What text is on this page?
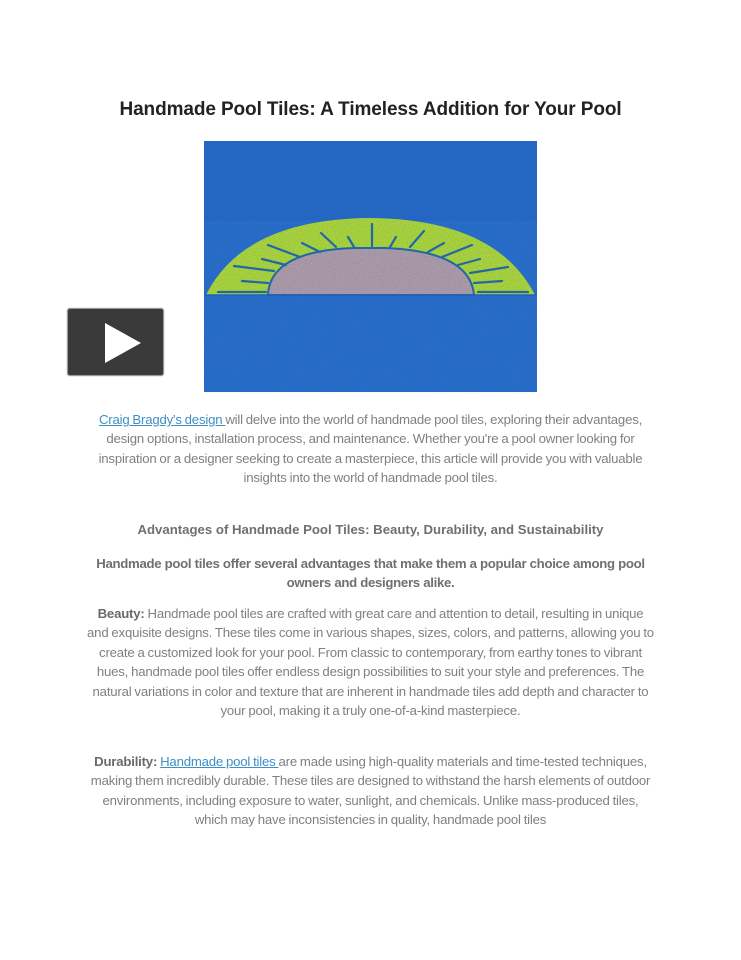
Handmade Pool Tiles: A Timeless Addition for Your Pool

Craig Bragdy's design will delve into the world of handmade pool tiles, exploring their advantages, design options, installation process, and maintenance. Whether you're a pool owner looking for inspiration or a designer seeking to create a masterpiece, this article will provide you with valuable insights into the world of handmade pool tiles.

Advantages of Handmade Pool Tiles: Beauty, Durability, and Sustainability

Handmade pool tiles offer several advantages that make them a popular choice among pool owners and designers alike.

Beauty: Handmade pool tiles are crafted with great care and attention to detail, resulting in unique and exquisite designs. These tiles come in various shapes, sizes, colors, and patterns, allowing you to create a customized look for your pool. From classic to contemporary, from earthy tones to vibrant hues, handmade pool tiles offer endless design possibilities to suit your style and preferences. The natural variations in color and texture that are inherent in handmade tiles add depth and character to your pool, making it a truly one-of-a-kind masterpiece.

Durability: Handmade pool tiles are made using high-quality materials and time-tested techniques, making them incredibly durable. These tiles are designed to withstand the harsh elements of outdoor environments, including exposure to water, sunlight, and chemicals. Unlike mass-produced tiles, which may have inconsistencies in quality, handmade pool tiles
